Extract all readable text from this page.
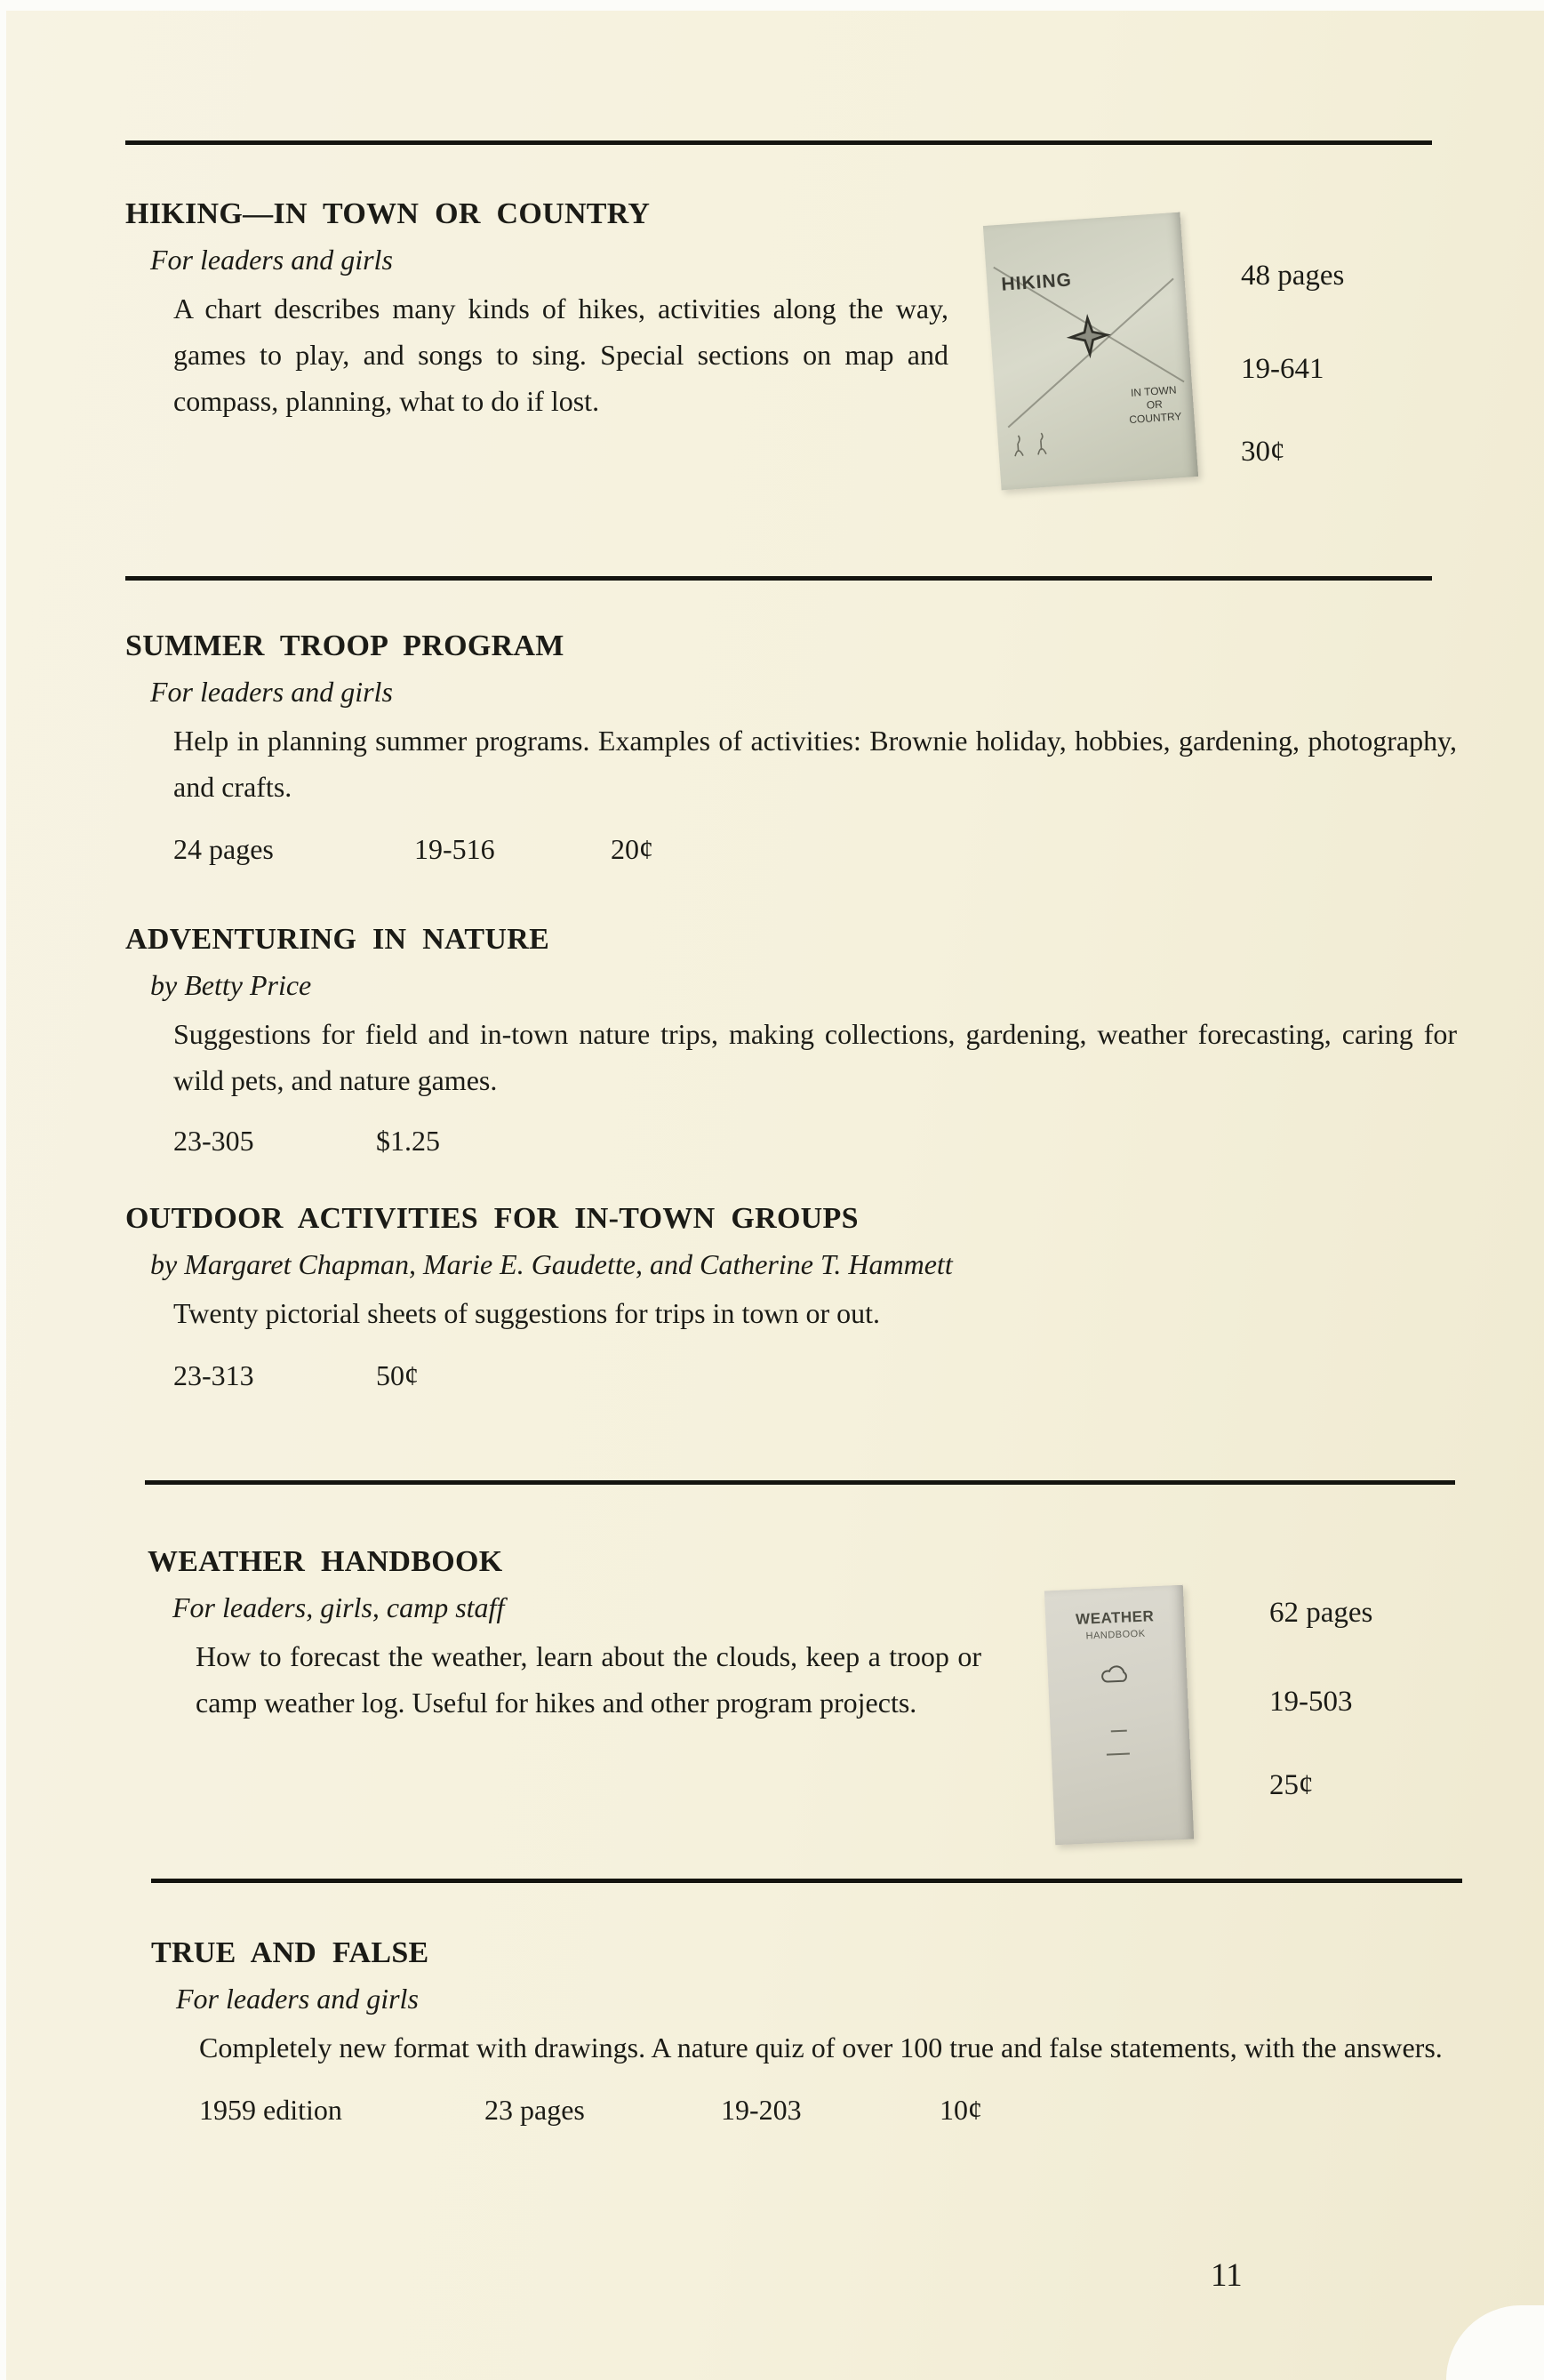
HIKING—IN TOWN OR COUNTRY

For leaders and girls

A chart describes many kinds of hikes, activities along the way, games to play, and songs to sing. Special sections on map and compass, planning, what to do if lost.

HIKING
IN TOWN
OR
COUNTRY
48 pages
19-641
30¢
SUMMER TROOP PROGRAM

For leaders and girls

Help in planning summer programs. Examples of activities: Brownie holiday, hobbies, gardening, photography, and crafts.

24 pages	19-516	20¢

ADVENTURING IN NATURE

by Betty Price

Suggestions for field and in-town nature trips, making collections, gardening, weather forecasting, caring for wild pets, and nature games.

23-305	$1.25

OUTDOOR ACTIVITIES FOR IN-TOWN GROUPS

by Margaret Chapman, Marie E. Gaudette, and Catherine T. Hammett

Twenty pictorial sheets of suggestions for trips in town or out.

23-313	50¢

WEATHER HANDBOOK

For leaders, girls, camp staff

How to forecast the weather, learn about the clouds, keep a troop or camp weather log. Useful for hikes and other program projects.

WEATHER
HANDBOOK
62 pages
19-503
25¢
TRUE AND FALSE

For leaders and girls

Completely new format with drawings. A nature quiz of over 100 true and false statements, with the answers.

1959 edition	23 pages	19-203	10¢

11
